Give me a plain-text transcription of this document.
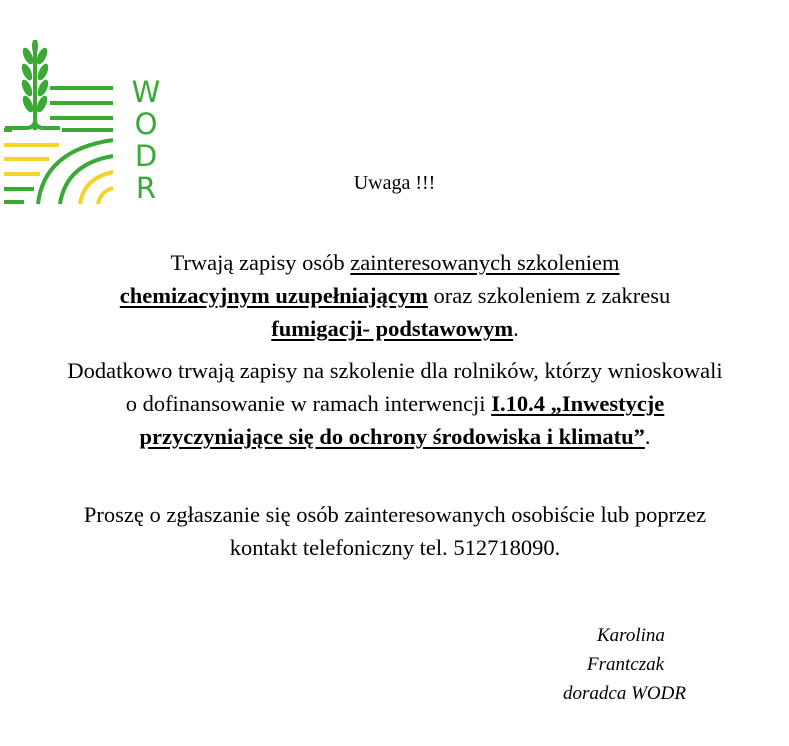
W
O
D
R	Uwaga !!!
Trwają zapisy osób zainteresowanych szkoleniem
chemizacyjnym uzupełniającym oraz szkoleniem z zakresu
fumigacji- podstawowym.
Dodatkowo trwają zapisy na szkolenie dla rolników, którzy wnioskowali o dofinansowanie w ramach interwencji I.10.4 „Inwestycje przyczyniające się do ochrony środowiska i klimatu”.
Proszę o zgłaszanie się osób zainteresowanych osobiście lub poprzez kontakt telefoniczny tel. 512718090.
Karolina
Frantczak
doradca WODR
